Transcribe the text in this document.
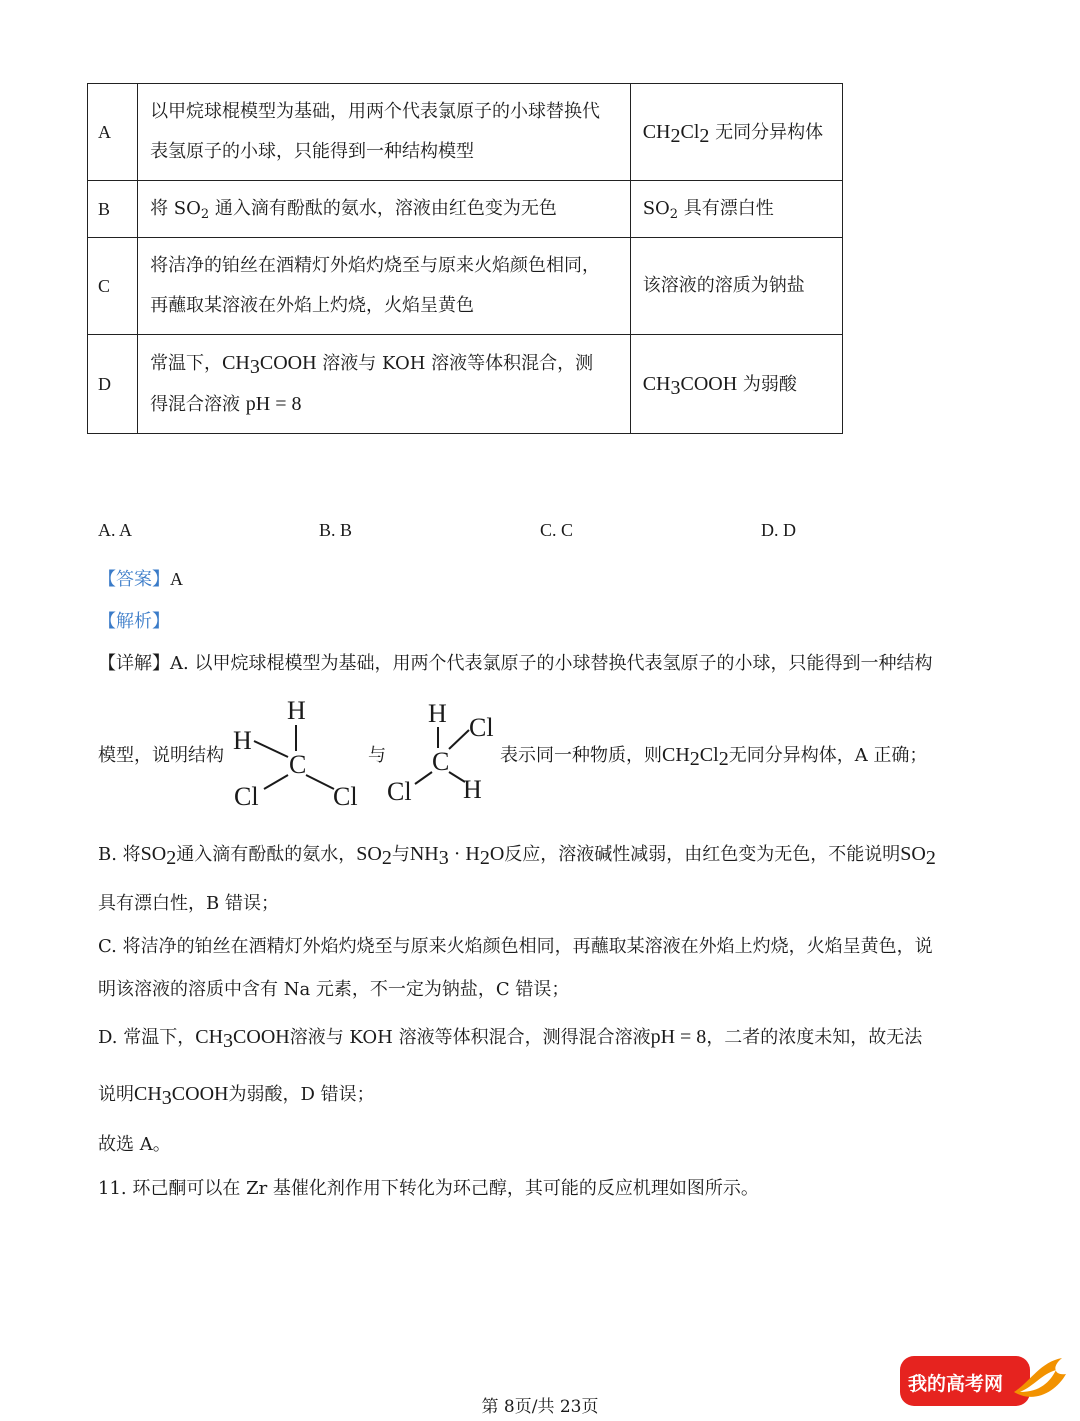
A	以甲烷球棍模型为基础，用两个代表氯原子的小球替换代
表氢原子的小球，只能得到一种结构模型	$CH_2Cl_2$ 无同分异构体
B	将 $SO_2$ 通入滴有酚酞的氨水，溶液由红色变为无色	$SO_2$ 具有漂白性
C	将洁净的铂丝在酒精灯外焰灼烧至与原来火焰颜色相同，
再蘸取某溶液在外焰上灼烧，火焰呈黄色	该溶液的溶质为钠盐
D	常温下，$CH_3COOH$ 溶液与 KOH 溶液等体积混合，测
得混合溶液 pH = 8	$CH_3COOH$ 为弱酸
A. A	B. B	C. C	D. D
【答案】A
【解析】
【详解】A. 以甲烷球棍模型为基础，用两个代表氯原子的小球替换代表氢原子的小球，只能得到一种结构
模型，说明结构
H
H
C
Cl	Cl
与
H Cl
C
Cl H
表示同一种物质，则$CH_2Cl_2$无同分异构体，A 正确；
B. 将$SO_2$通入滴有酚酞的氨水，$SO_2$与$NH_3 \cdot H_2O$反应，溶液碱性减弱，由红色变为无色，不能说明$SO_2$
具有漂白性，B 错误；
C. 将洁净的铂丝在酒精灯外焰灼烧至与原来火焰颜色相同，再蘸取某溶液在外焰上灼烧，火焰呈黄色，说
明该溶液的溶质中含有 Na 元素，不一定为钠盐，C 错误；
D. 常温下，$CH_3COOH$溶液与 KOH 溶液等体积混合，测得混合溶液pH = 8，二者的浓度未知，故无法
说明$CH_3COOH$为弱酸，D 错误；
故选 A。
11. 环己酮可以在 Zr 基催化剂作用下转化为环己醇，其可能的反应机理如图所示。
第 8页/共 23页
我的高考网
